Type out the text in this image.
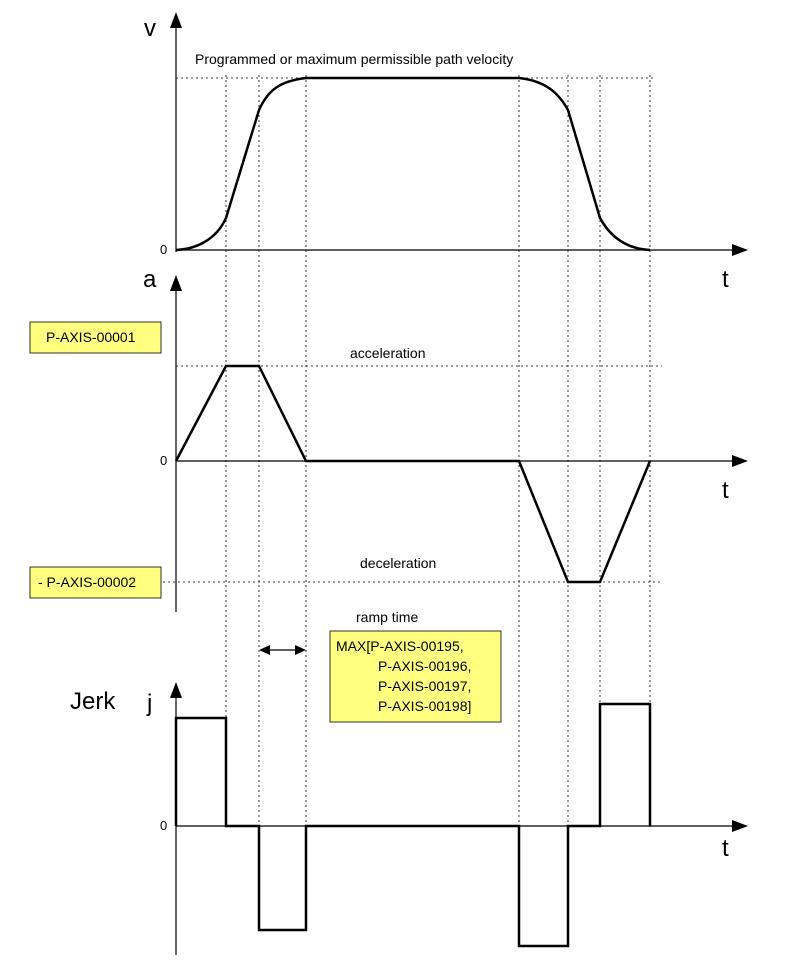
v
t
0
Programmed or maximum permissible path velocity
a
t
0
acceleration
deceleration
P-AXIS-00001
- P-AXIS-00002
ramp time
MAX[P-AXIS-00195,
P-AXIS-00196,
P-AXIS-00197,
P-AXIS-00198]
Jerk j
t
0
